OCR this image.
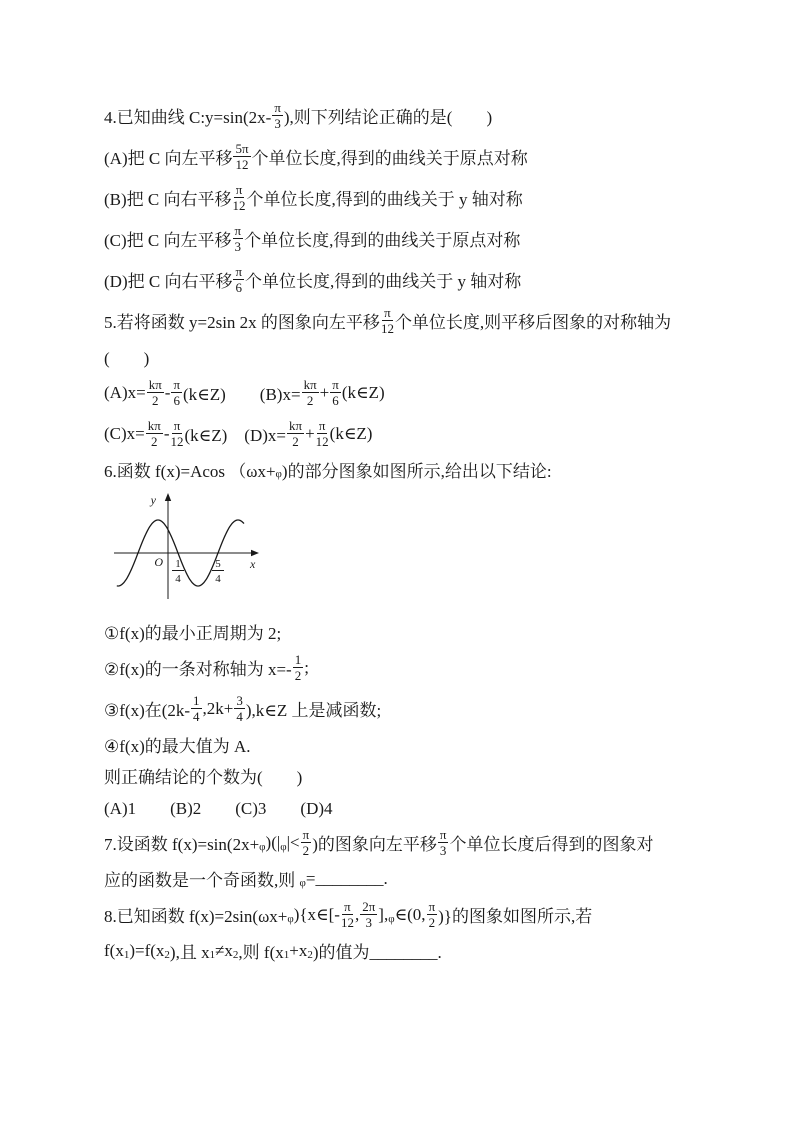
4.已知曲线 C:y=sin(2x- $\frac{\pi}{3}$ ),则下列结论正确的是(　　)
(A)把 C 向左平移 $\frac{5\pi}{12}$ 个单位长度,得到的曲线关于原点对称
(B)把 C 向右平移 $\frac{\pi}{12}$ 个单位长度,得到的曲线关于 y 轴对称
(C)把 C 向左平移 $\frac{\pi}{3}$ 个单位长度,得到的曲线关于原点对称
(D)把 C 向右平移 $\frac{\pi}{6}$ 个单位长度,得到的曲线关于 y 轴对称
5.若将函数 y=2sin 2x 的图象向左平移 $\frac{\pi}{12}$ 个单位长度,则平移后图象的对称轴为
(　　)
$(A)x= \frac{k\pi}{2} - \frac{\pi}{6}$ (k∈Z)　　$(B)x= \frac{k\pi}{2} + \frac{\pi}{6}$ (k∈Z)
$(C)x= \frac{k\pi}{2} - \frac{\pi}{12}$ (k∈Z)　$(D)x= \frac{k\pi}{2} + \frac{\pi}{12}$ (k∈Z)
6.函数 f(x)=Acos （ωx+ φ )的部分图象如图所示,给出以下结论:
y
x
O 1
4
5
4
①f(x)的最小正周期为 2;
②f(x)的一条对称轴为 $x=- \frac{1}{2}$ ;
③f(x)在($2k- \frac{1}{4} ,2k+ \frac{3}{4}$ ),k∈Z 上是减函数;
④f(x)的最大值为 A.
则正确结论的个数为(　　)
(A)1　　(B)2　　(C)3　　(D)4
7.设函数 f(x)=sin(2x+ φ )(| φ |< $\frac{\pi}{2}$ )的图象向左平移 $\frac{\pi}{3}$ 个单位长度后得到的图象对
应的函数是一个奇函数,则 φ =________.
8.已知函数 f(x)=2sin(ωx+ φ ){x∈[- $\frac{\pi}{12}$ , $\frac{2\pi}{3}$ ], φ ∈(0, $\frac{\pi}{2}$ )}的图象如图所示,若
f(x 1 )=f(x 2 ),且 x 1 ≠x 2 ,则 f(x 1 +x 2 )的值为________.
